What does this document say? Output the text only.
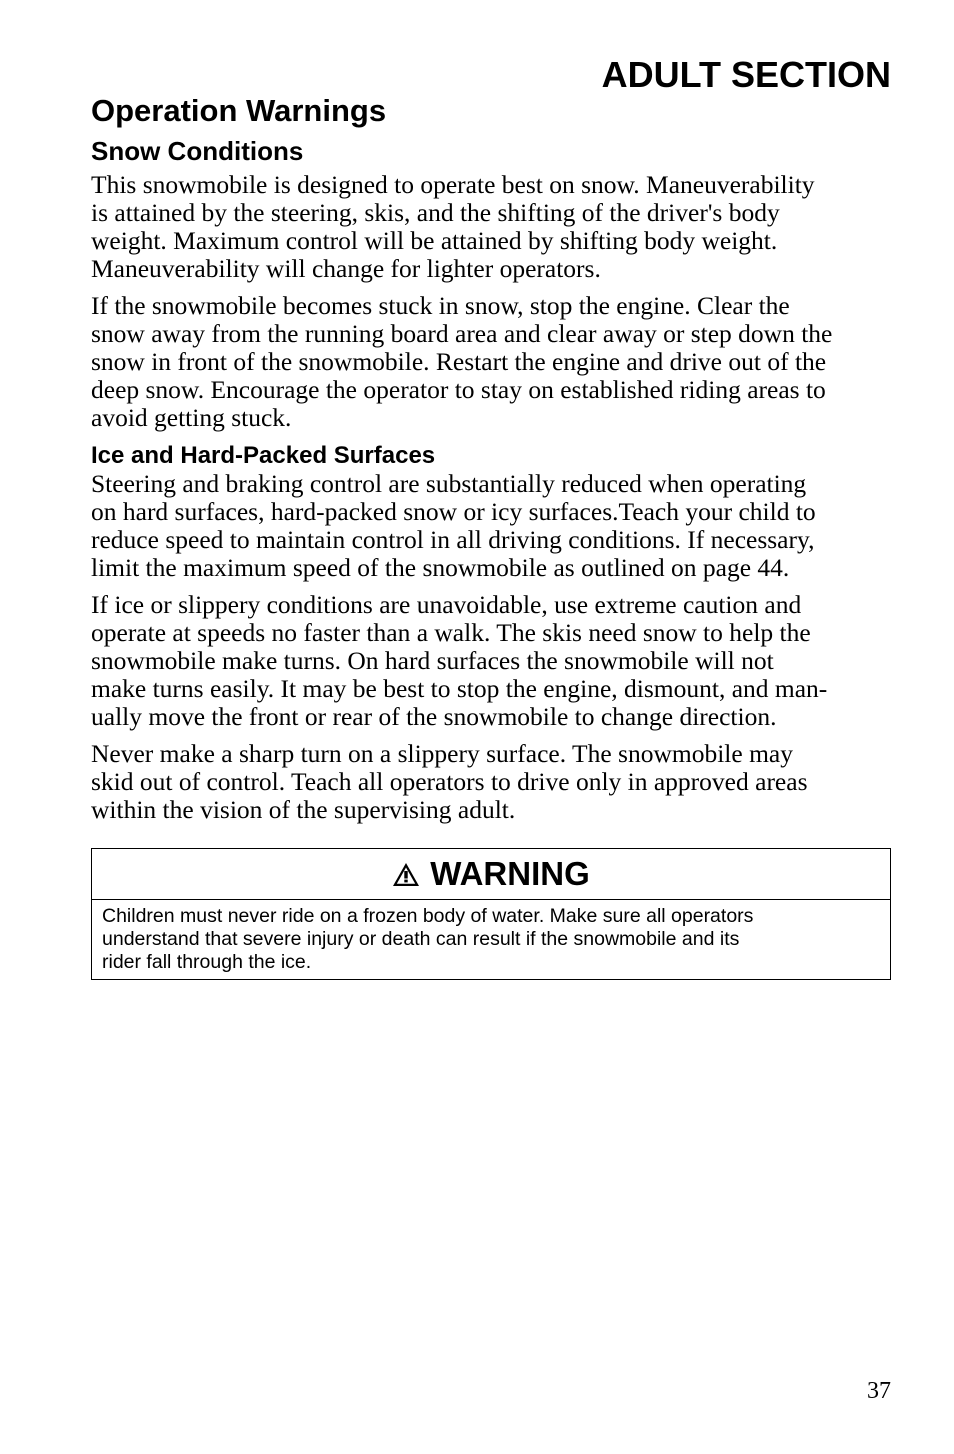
ADULT SECTION
Operation Warnings
Snow Conditions

This snowmobile is designed to operate best on snow. Maneuverability
is attained by the steering, skis, and the shifting of the driver's body
weight. Maximum control will be attained by shifting body weight.
Maneuverability will change for lighter operators.

If the snowmobile becomes stuck in snow, stop the engine. Clear the
snow away from the running board area and clear away or step down the
snow in front of the snowmobile. Restart the engine and drive out of the
deep snow. Encourage the operator to stay on established riding areas to
avoid getting stuck.

Ice and Hard-Packed Surfaces

Steering and braking control are substantially reduced when operating
on hard surfaces, hard-packed snow or icy surfaces.Teach your child to
reduce speed to maintain control in all driving conditions. If necessary,
limit the maximum speed of the snowmobile as outlined on page 44.

If ice or slippery conditions are unavoidable, use extreme caution and
operate at speeds no faster than a walk. The skis need snow to help the
snowmobile make turns. On hard surfaces the snowmobile will not
make turns easily. It may be best to stop the engine, dismount, and man-
ually move the front or rear of the snowmobile to change direction.

Never make a sharp turn on a slippery surface. The snowmobile may
skid out of control. Teach all operators to drive only in approved areas
within the vision of the supervising adult.

WARNING
Children must never ride on a frozen body of water. Make sure all operators
understand that severe injury or death can result if the snowmobile and its
rider fall through the ice.
37
